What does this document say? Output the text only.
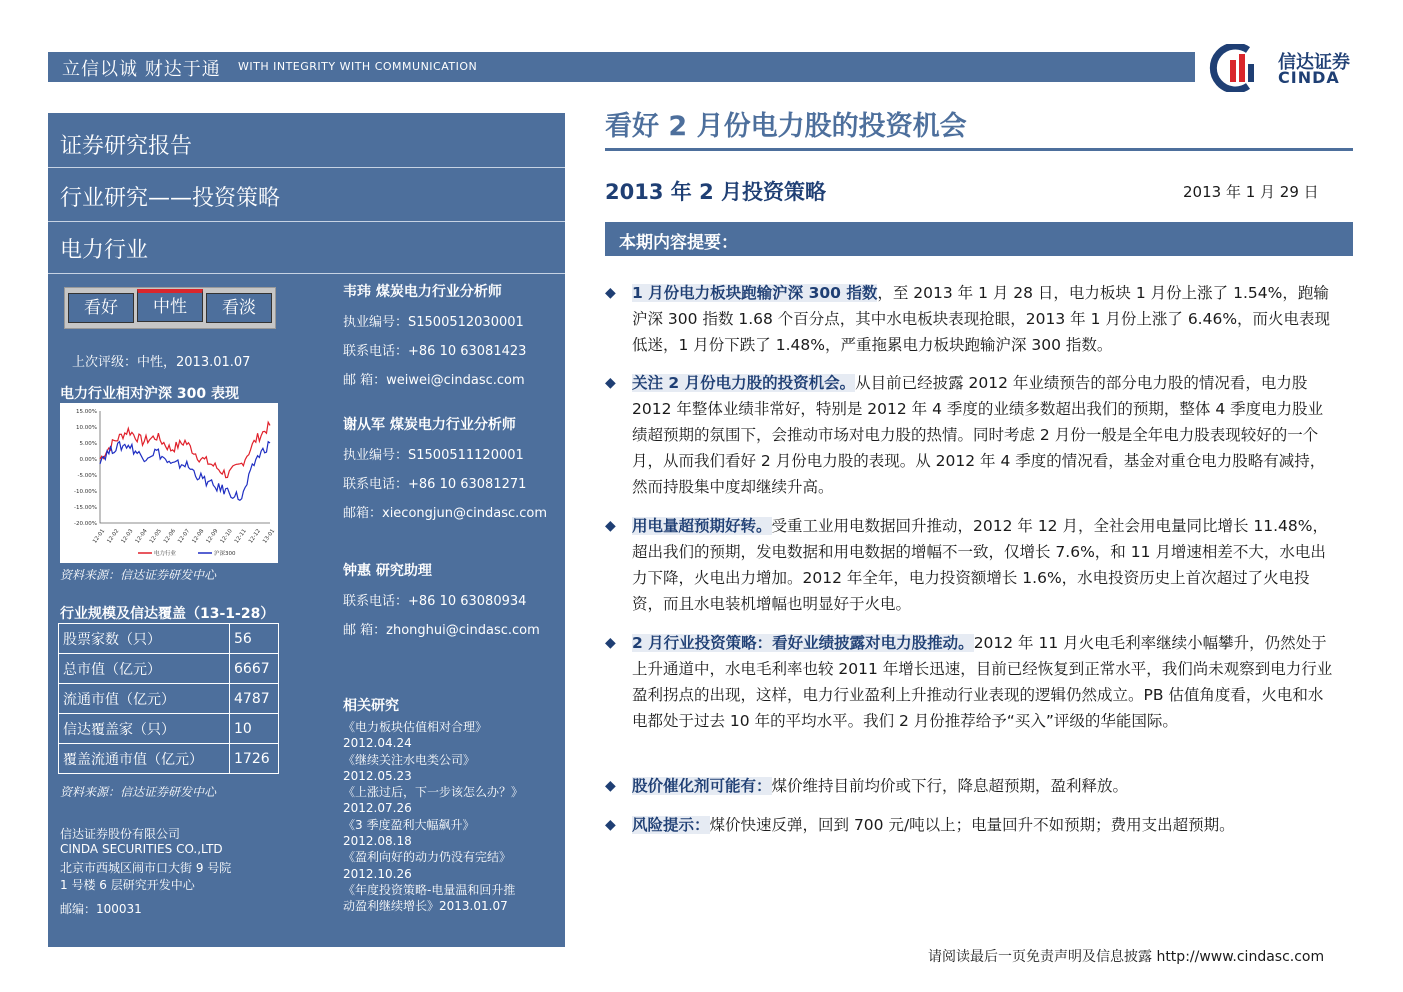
立信以诚 财达于通 WITH INTEGRITY WITH COMMUNICATION	信达证券
CINDA
证券研究报告
行业研究——投资策略
电力行业
看好	中性	看淡
上次评级：中性，2013.01.07
电力行业相对沪深 300 表现
15.00%
10.00%
5.00%
0.00%
-5.00%
-10.00%
-15.00%
-20.00%
12-01 12-02 12-03 12-04 12-05 12-06 12-07 12-08 12-09 12-10 12-11 12-12 13-01
电力行业	沪深300
资料来源：信达证券研发中心
行业规模及信达覆盖（13-1-28）
股票家数（只）	56
总市值（亿元）	6667
流通市值（亿元）	4787
信达覆盖家（只）	10
覆盖流通市值（亿元）	1726
资料来源：信达证券研发中心
信达证券股份有限公司
CINDA SECURITIES CO.,LTD
北京市西城区闹市口大街 9 号院
1 号楼 6 层研究开发中心
邮编：100031
韦玮 煤炭电力行业分析师
执业编号：S1500512030001
联系电话：+86 10 63081423
邮 箱：weiwei@cindasc.com
谢从军 煤炭电力行业分析师
执业编号：S1500511120001
联系电话：+86 10 63081271
邮箱：xiecongjun@cindasc.com
钟惠 研究助理
联系电话：+86 10 63080934
邮 箱：zhonghui@cindasc.com
相关研究
《电力板块估值相对合理》
2012.04.24
《继续关注水电类公司》
2012.05.23
《上涨过后，下一步该怎么办？》
2012.07.26
《3 季度盈利大幅飙升》
2012.08.18
《盈利向好的动力仍没有完结》
2012.10.26
《年度投资策略-电量温和回升推
动盈利继续增长》2013.01.07
看好 2 月份电力股的投资机会
2013 年 2 月投资策略	2013 年 1 月 29 日
本期内容提要：
◆ 1 月份电力板块跑输沪深 300 指数，至 2013 年 1 月 28 日，电力板块 1 月份上涨了 1.54%，跑输沪深 300 指数 1.68 个百分点，其中水电板块表现抢眼，2013 年 1 月份上涨了 6.46%，而火电表现低迷，1 月份下跌了 1.48%，严重拖累电力板块跑输沪深 300 指数。
◆ 关注 2 月份电力股的投资机会。从目前已经披露 2012 年业绩预告的部分电力股的情况看，电力股 2012 年整体业绩非常好，特别是 2012 年 4 季度的业绩多数超出我们的预期，整体 4 季度电力股业绩超预期的氛围下，会推动市场对电力股的热情。同时考虑 2 月份一般是全年电力股表现较好的一个月，从而我们看好 2 月份电力股的表现。从 2012 年 4 季度的情况看，基金对重仓电力股略有减持，然而持股集中度却继续升高。
◆ 用电量超预期好转。受重工业用电数据回升推动，2012 年 12 月，全社会用电量同比增长 11.48%，超出我们的预期，发电数据和用电数据的增幅不一致，仅增长 7.6%，和 11 月增速相差不大，水电出力下降，火电出力增加。2012 年全年，电力投资额增长 1.6%，水电投资历史上首次超过了火电投资，而且水电装机增幅也明显好于火电。
◆ 2 月行业投资策略：看好业绩披露对电力股推动。2012 年 11 月火电毛利率继续小幅攀升，仍然处于上升通道中，水电毛利率也较 2011 年增长迅速，目前已经恢复到正常水平，我们尚未观察到电力行业盈利拐点的出现，这样，电力行业盈利上升推动行业表现的逻辑仍然成立。PB 估值角度看，火电和水电都处于过去 10 年的平均水平。我们 2 月份推荐给予“买入”评级的华能国际。
◆ 股价催化剂可能有：煤价维持目前均价或下行，降息超预期，盈利释放。
◆ 风险提示：煤价快速反弹，回到 700 元/吨以上；电量回升不如预期；费用支出超预期。
请阅读最后一页免责声明及信息披露 http://www.cindasc.com
